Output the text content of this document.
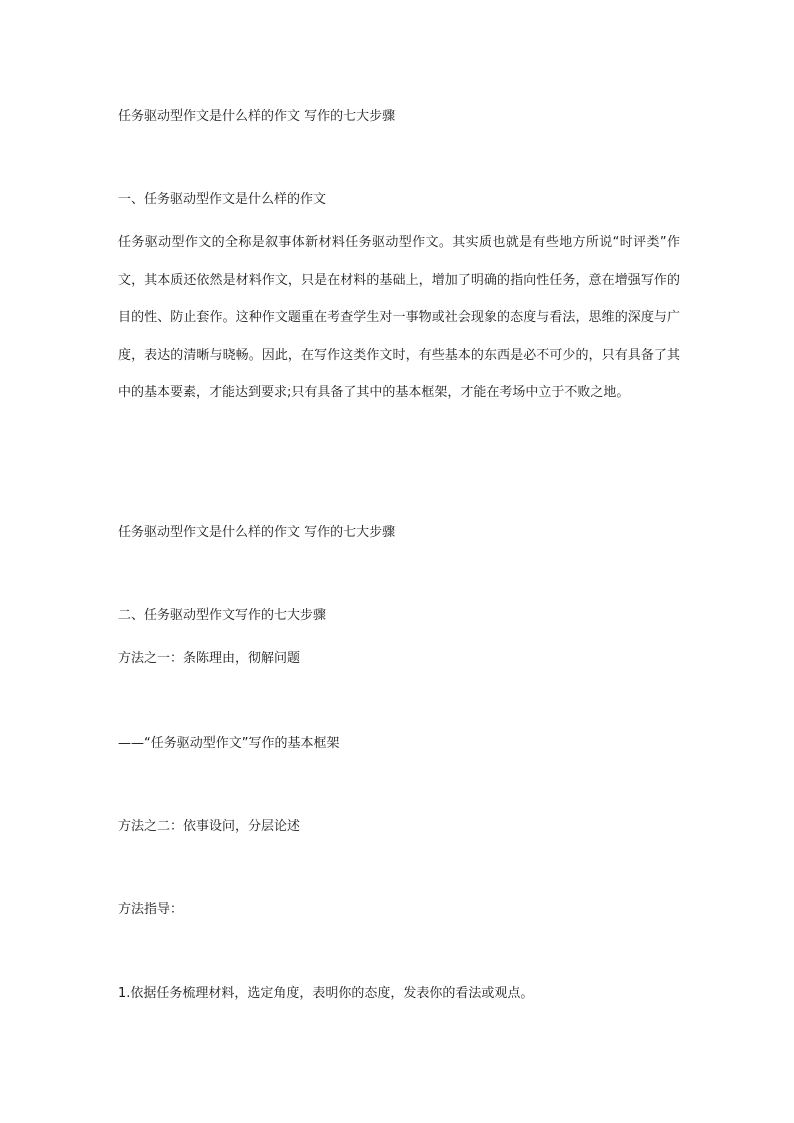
任务驱动型作文是什么样的作文 写作的七大步骤
一、任务驱动型作文是什么样的作文
任务驱动型作文的全称是叙事体新材料任务驱动型作文。其实质也就是有些地方所说“时评类”作文，其本质还依然是材料作文，只是在材料的基础上，增加了明确的指向性任务，意在增强写作的目的性、防止套作。这种作文题重在考查学生对一事物或社会现象的态度与看法，思维的深度与广度，表达的清晰与晓畅。因此，在写作这类作文时，有些基本的东西是必不可少的，只有具备了其中的基本要素，才能达到要求;只有具备了其中的基本框架，才能在考场中立于不败之地。
任务驱动型作文是什么样的作文 写作的七大步骤
二、任务驱动型作文写作的七大步骤
方法之一：条陈理由，彻解问题
——“任务驱动型作文”写作的基本框架
方法之二：依事设问，分层论述
方法指导：
1.依据任务梳理材料，选定角度，表明你的态度，发表你的看法或观点。
